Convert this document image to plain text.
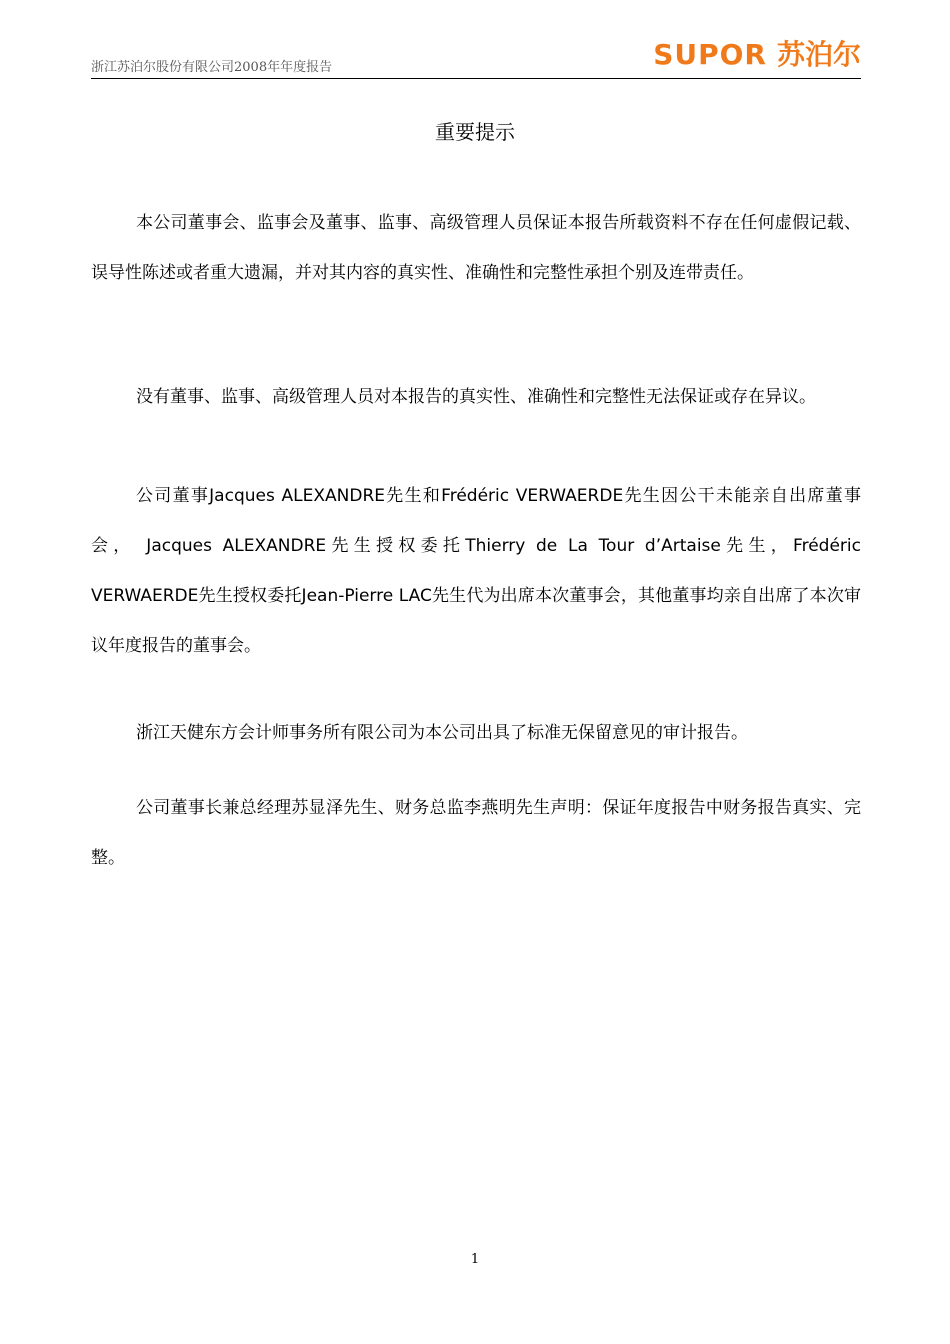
浙江苏泊尔股份有限公司2008年年度报告	SUPOR 苏泊尔
重要提示

本公司董事会、监事会及董事、监事、高级管理人员保证本报告所载资料不存在任何虚假记载、误导性陈述或者重大遗漏，并对其内容的真实性、准确性和完整性承担个别及连带责任。

没有董事、监事、高级管理人员对本报告的真实性、准确性和完整性无法保证或存在异议。

公司董事Jacques ALEXANDRE先生和Frédéric VERWAERDE先生因公干未能亲自出席董事会， Jacques ALEXANDRE先生授权委托Thierry de La Tour d’Artaise先生，Frédéric VERWAERDE先生授权委托Jean-Pierre LAC先生代为出席本次董事会，其他董事均亲自出席了本次审议年度报告的董事会。

浙江天健东方会计师事务所有限公司为本公司出具了标准无保留意见的审计报告。

公司董事长兼总经理苏显泽先生、财务总监李燕明先生声明：保证年度报告中财务报告真实、完整。

1
